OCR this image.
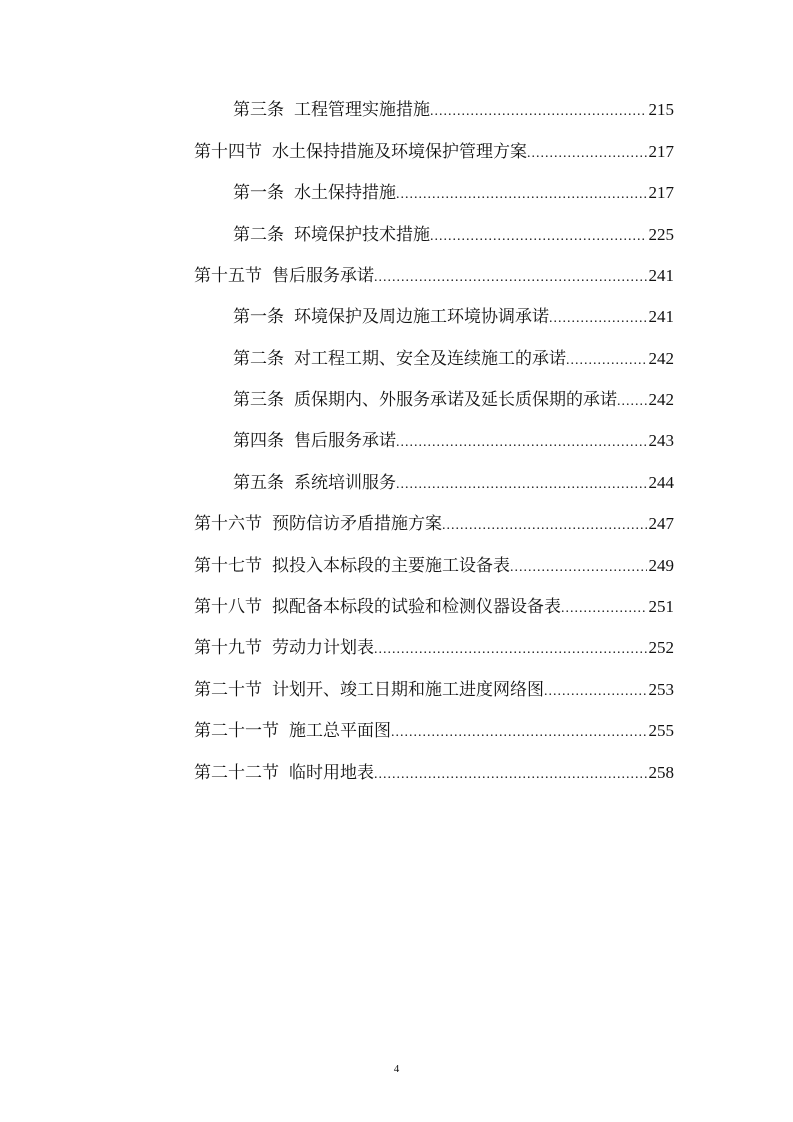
第三条 工程管理实施措施 .....	215
第十四节 水土保持措施及环境保护管理方案 .....	217
第一条 水土保持措施 .....	217
第二条 环境保护技术措施 .....	225
第十五节 售后服务承诺 .....	241
第一条 环境保护及周边施工环境协调承诺 .....	241
第二条 对工程工期、安全及连续施工的承诺 .....	242
第三条 质保期内、外服务承诺及延长质保期的承诺 ..... 242
第四条 售后服务承诺 .....	243
第五条 系统培训服务 .....	244
第十六节 预防信访矛盾措施方案 .....	247
第十七节 拟投入本标段的主要施工设备表 .....	249
第十八节 拟配备本标段的试验和检测仪器设备表 .....	251
第十九节 劳动力计划表 .....	252
第二十节 计划开、竣工日期和施工进度网络图 .....	253
第二十一节 施工总平面图 .....	255
第二十二节 临时用地表 .....	258
4
